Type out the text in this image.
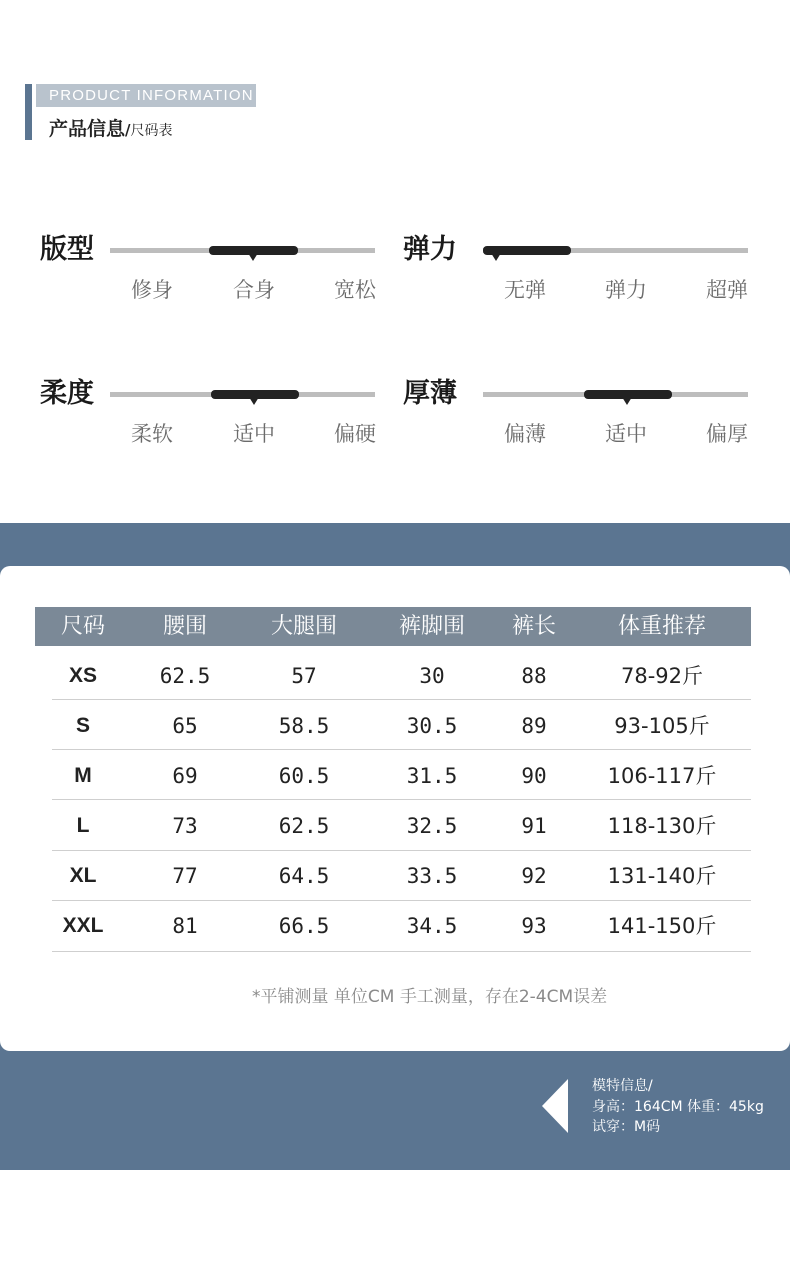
PRODUCT INFORMATION
产品信息/尺码表
版型
修身	合身	宽松
弹力
无弹	弹力	超弹
柔度
柔软	适中	偏硬
厚薄
偏薄	适中	偏厚
尺码	腰围	大腿围	裤脚围	裤长	体重推荐
XS	62.5	57	30	88	78-92斤
S	65	58.5	30.5	89	93-105斤
M	69	60.5	31.5	90	106-117斤
L	73	62.5	32.5	91	118-130斤
XL	77	64.5	33.5	92	131-140斤
XXL	81	66.5	34.5	93	141-150斤
*平铺测量 单位CM 手工测量，存在2-4CM误差
模特信息/
身高：164CM 体重：45kg
试穿：M码
